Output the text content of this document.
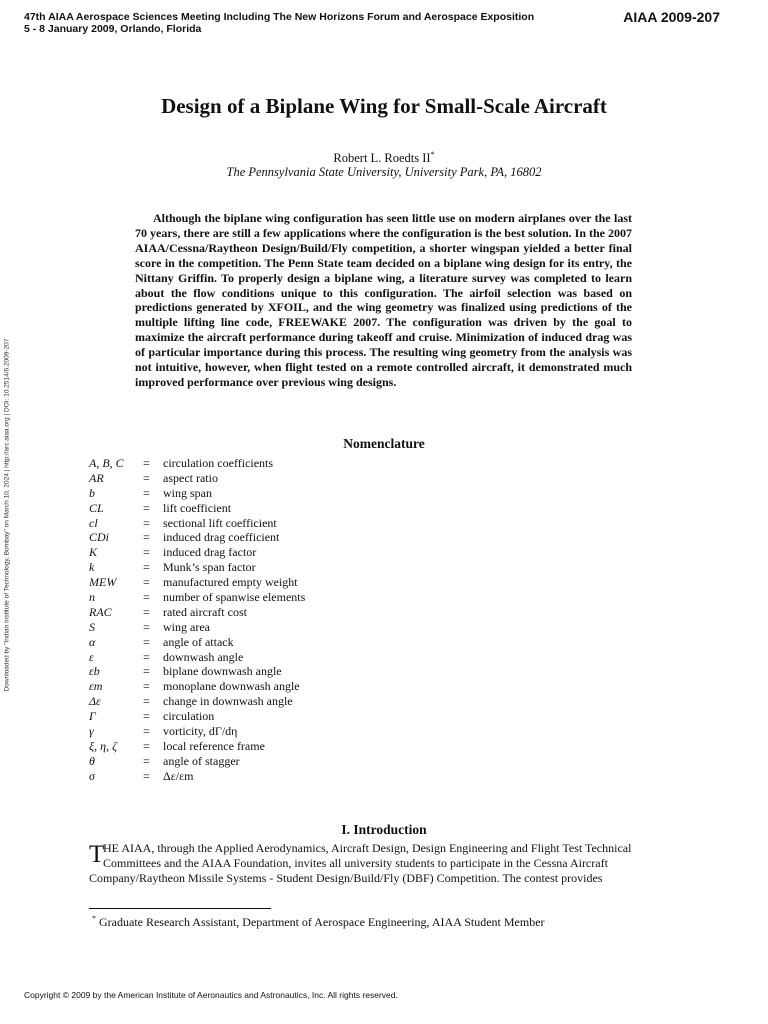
47th AIAA Aerospace Sciences Meeting Including The New Horizons Forum and Aerospace Exposition
5 - 8 January 2009, Orlando, Florida
AIAA 2009-207
Downloaded by "Indian Institute of Technology, Bombay" on March 10, 2024 | http://arc.aiaa.org | DOI: 10.2514/6.2009-207
Design of a Biplane Wing for Small-Scale Aircraft
Robert L. Roedts II*
The Pennsylvania State University, University Park, PA, 16802

Although the biplane wing configuration has seen little use on modern airplanes over the last 70 years, there are still a few applications where the configuration is the best solution. In the 2007 AIAA/Cessna/Raytheon Design/Build/Fly competition, a shorter wingspan yielded a better final score in the competition. The Penn State team decided on a biplane wing design for its entry, the Nittany Griffin. To properly design a biplane wing, a literature survey was completed to learn about the flow conditions unique to this configuration. The airfoil selection was based on predictions generated by XFOIL, and the wing geometry was finalized using predictions of the multiple lifting line code, FREEWAKE 2007. The configuration was driven by the goal to maximize the aircraft performance during takeoff and cruise. Minimization of induced drag was of particular importance during this process. The resulting wing geometry from the analysis was not intuitive, however, when flight tested on a remote controlled aircraft, it demonstrated much improved performance over previous wing designs.

Nomenclature
A, B, C = circulation coefficients
AR	= aspect ratio
b	= wing span
CL	= lift coefficient
cl	= sectional lift coefficient
CDi	= induced drag coefficient
K	= induced drag factor
k	= Munk’s span factor
MEW = manufactured empty weight
n	= number of spanwise elements
RAC	= rated aircraft cost
S	= wing area
α	= angle of attack
ε	= downwash angle
εb	= biplane downwash angle
εm	= monoplane downwash angle
Δε	= change in downwash angle
Γ	= circulation
γ	= vorticity, dΓ/dη
ξ, η, ζ = local reference frame
θ	= angle of stagger
σ	= Δε/εm
I. Introduction
T
HE AIAA, through the Applied Aerodynamics, Aircraft Design, Design Engineering and Flight Test Technical
Committees and the AIAA Foundation, invites all university students to participate in the Cessna Aircraft
Company/Raytheon Missile Systems - Student Design/Build/Fly (DBF) Competition. The contest provides
* Graduate Research Assistant, Department of Aerospace Engineering, AIAA Student Member
Copyright © 2009 by the American Institute of Aeronautics and Astronautics, Inc. All rights reserved.
